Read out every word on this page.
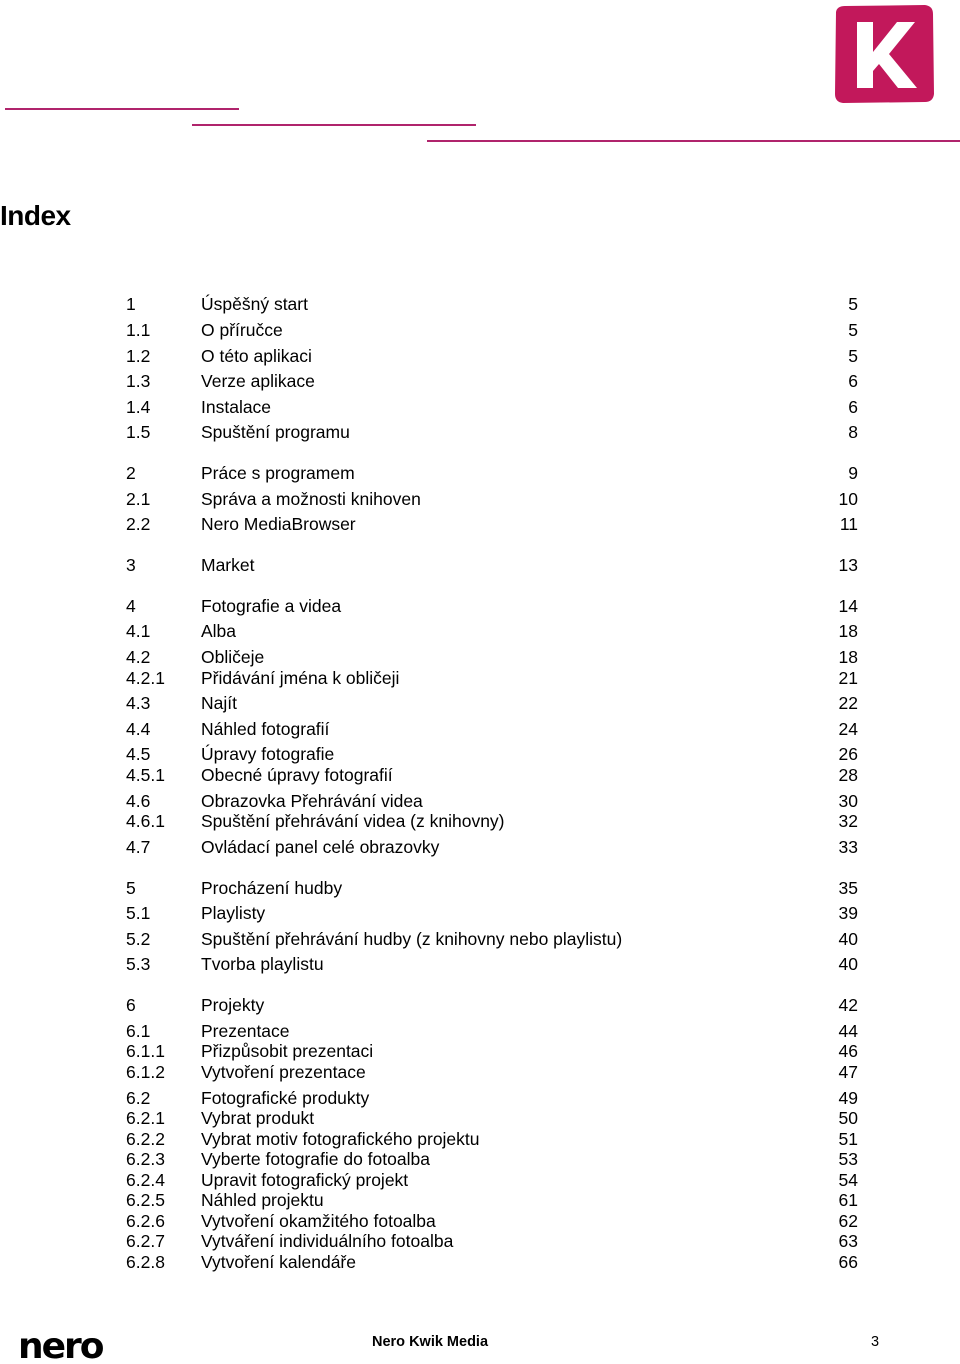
Index
1	Úspěšný start	5
1.1	O příručce	5
1.2	O této aplikaci	5
1.3	Verze aplikace	6
1.4	Instalace	6
1.5	Spuštění programu	8
2	Práce s programem	9
2.1	Správa a možnosti knihoven	10
2.2	Nero MediaBrowser	11
3	Market	13
4	Fotografie a videa	14
4.1	Alba	18
4.2	Obličeje	18
4.2.1 Přidávání jména k obličeji	21
4.3	Najít	22
4.4	Náhled fotografií	24
4.5	Úpravy fotografie	26
4.5.1 Obecné úpravy fotografií	28
4.6	Obrazovka Přehrávání videa	30
4.6.1 Spuštění přehrávání videa (z knihovny)	32
4.7	Ovládací panel celé obrazovky	33
5	Procházení hudby	35
5.1	Playlisty	39
5.2	Spuštění přehrávání hudby (z knihovny nebo playlistu)	40
5.3	Tvorba playlistu	40
6	Projekty	42
6.1	Prezentace	44
6.1.1 Přizpůsobit prezentaci	46
6.1.2 Vytvoření prezentace	47
6.2	Fotografické produkty	49
6.2.1 Vybrat produkt	50
6.2.2 Vybrat motiv fotografického projektu	51
6.2.3 Vyberte fotografie do fotoalba	53
6.2.4 Upravit fotografický projekt	54
6.2.5 Náhled projektu	61
6.2.6 Vytvoření okamžitého fotoalba	62
6.2.7 Vytváření individuálního fotoalba	63
6.2.8 Vytvoření kalendáře	66
nero	Nero Kwik Media	3
